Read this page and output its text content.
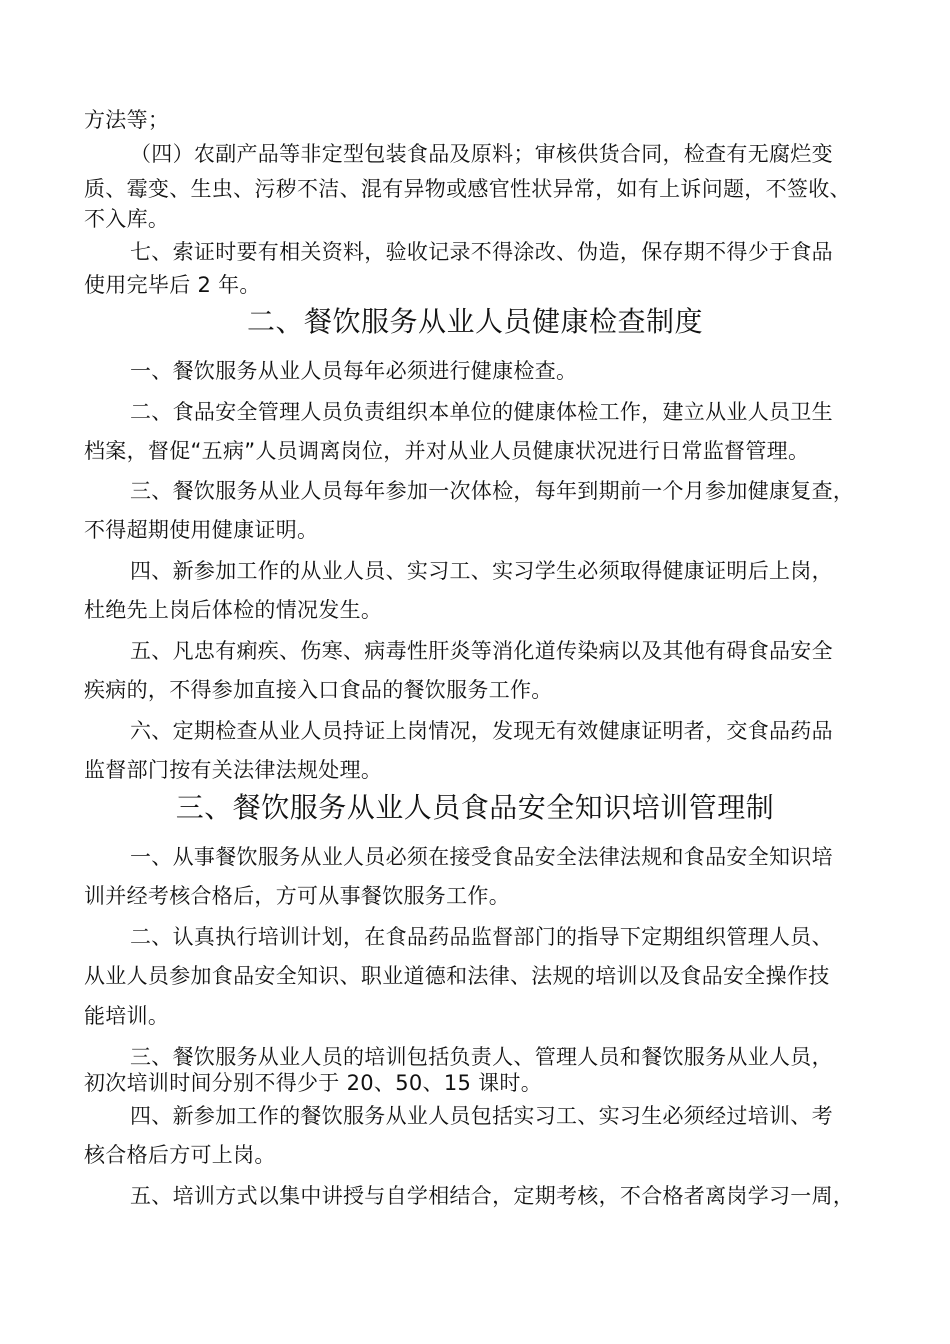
方法等；
（四）农副产品等非定型包装食品及原料；审核供货合同，检查有无腐烂变
质、霉变、生虫、污秽不洁、混有异物或感官性状异常，如有上诉问题，不签收、
不入库。
七、索证时要有相关资料，验收记录不得涂改、伪造，保存期不得少于食品
使用完毕后 2 年。
二、餐饮服务从业人员健康检查制度
一、餐饮服务从业人员每年必须进行健康检查。
二、食品安全管理人员负责组织本单位的健康体检工作，建立从业人员卫生
档案，督促“五病”人员调离岗位，并对从业人员健康状况进行日常监督管理。
三、餐饮服务从业人员每年参加一次体检，每年到期前一个月参加健康复查，
不得超期使用健康证明。
四、新参加工作的从业人员、实习工、实习学生必须取得健康证明后上岗，
杜绝先上岗后体检的情况发生。
五、凡忠有痢疾、伤寒、病毒性肝炎等消化道传染病以及其他有碍食品安全
疾病的，不得参加直接入口食品的餐饮服务工作。
六、定期检查从业人员持证上岗情况，发现无有效健康证明者，交食品药品
监督部门按有关法律法规处理。
三、餐饮服务从业人员食品安全知识培训管理制
一、从事餐饮服务从业人员必须在接受食品安全法律法规和食品安全知识培
训并经考核合格后，方可从事餐饮服务工作。
二、认真执行培训计划，在食品药品监督部门的指导下定期组织管理人员、
从业人员参加食品安全知识、职业道德和法律、法规的培训以及食品安全操作技
能培训。
三、餐饮服务从业人员的培训包括负责人、管理人员和餐饮服务从业人员，
初次培训时间分别不得少于 20、50、15 课时。
四、新参加工作的餐饮服务从业人员包括实习工、实习生必须经过培训、考
核合格后方可上岗。
五、培训方式以集中讲授与自学相结合，定期考核，不合格者离岗学习一周，
